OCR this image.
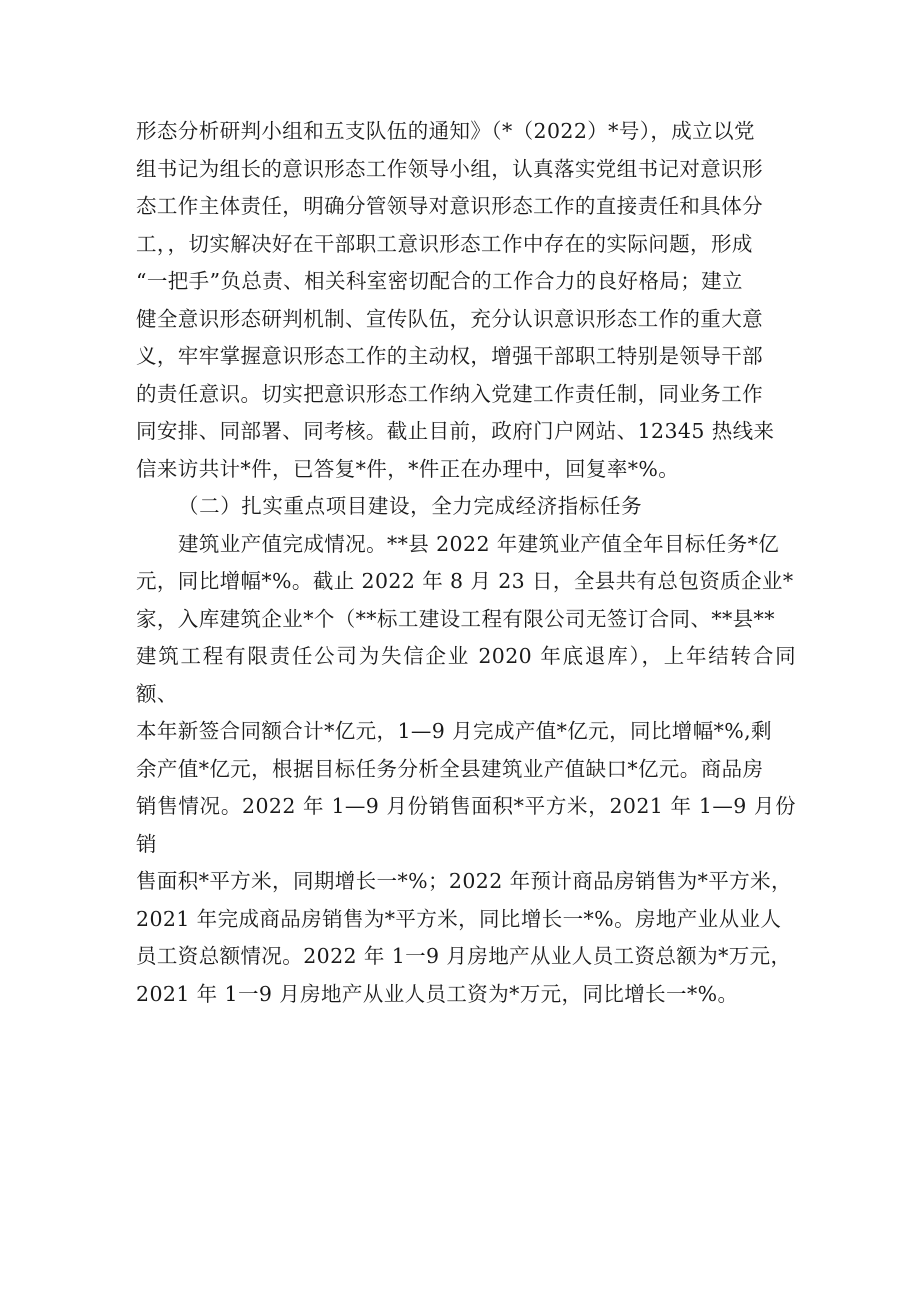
形态分析研判小组和五支队伍的通知》（*（2022）*号），成立以党
组书记为组长的意识形态工作领导小组，认真落实党组书记对意识形
态工作主体责任，明确分管领导对意识形态工作的直接责任和具体分
工，，切实解决好在干部职工意识形态工作中存在的实际问题，形成
“一把手”负总责、相关科室密切配合的工作合力的良好格局；建立
健全意识形态研判机制、宣传队伍，充分认识意识形态工作的重大意
义，牢牢掌握意识形态工作的主动权，增强干部职工特别是领导干部
的责任意识。切实把意识形态工作纳入党建工作责任制，同业务工作
同安排、同部署、同考核。截止目前，政府门户网站、12345 热线来
信来访共计*件，已答复*件，*件正在办理中，回复率*%。

（二）扎实重点项目建设，全力完成经济指标任务

建筑业产值完成情况。**县 2022 年建筑业产值全年目标任务*亿
元，同比增幅*%。截止 2022 年 8 月 23 日，全县共有总包资质企业*
家，入库建筑企业*个（**标工建设工程有限公司无签订合同、**县**
建筑工程有限责任公司为失信企业 2020 年底退库），上年结转合同额、
本年新签合同额合计*亿元，1—9 月完成产值*亿元，同比增幅*%,剩
余产值*亿元，根据目标任务分析全县建筑业产值缺口*亿元。商品房
销售情况。2022 年 1—9 月份销售面积*平方米，2021 年 1—9 月份销
售面积*平方米，同期增长一*%；2022 年预计商品房销售为*平方米，
2021 年完成商品房销售为*平方米，同比增长一*%。房地产业从业人
员工资总额情况。2022 年 1一9 月房地产从业人员工资总额为*万元，
2021 年 1一9 月房地产从业人员工资为*万元，同比增长一*%。
